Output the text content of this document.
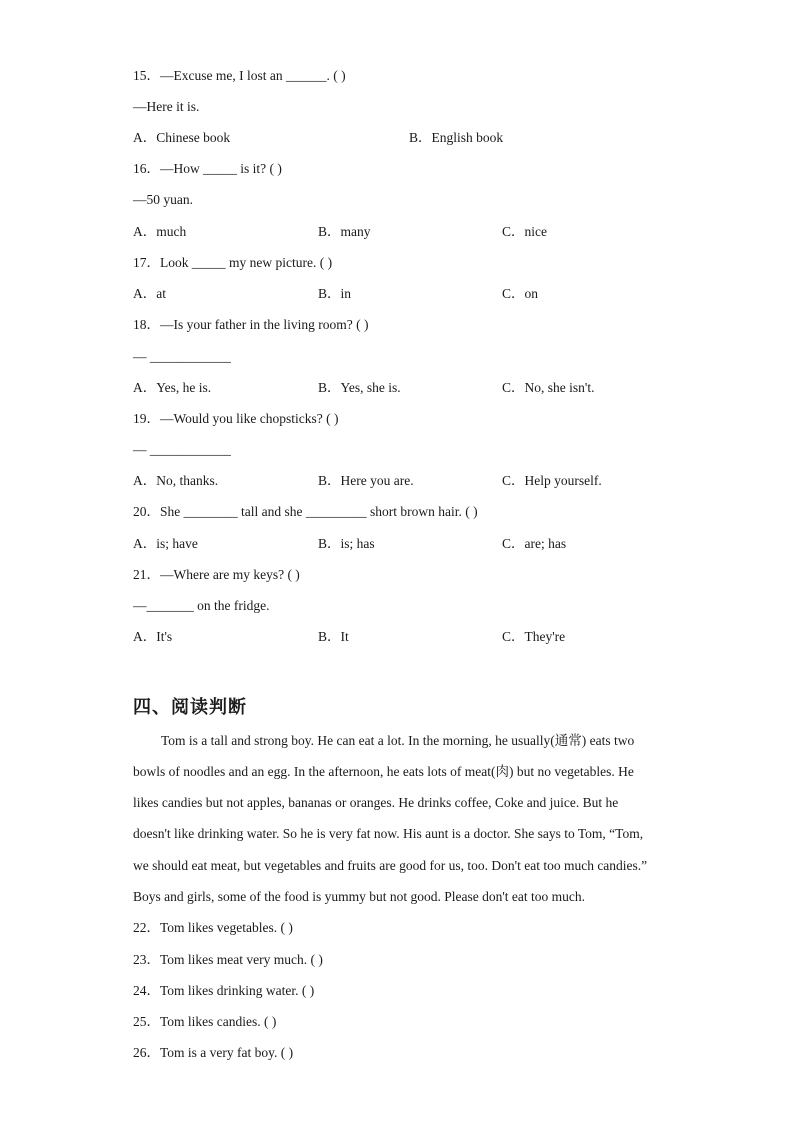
15．—Excuse me, I lost an ______. ( )
—Here it is.
A．Chinese book	B．English book
16．—How _____ is it? ( )
—50 yuan.
A．much	B．many	C．nice
17．Look _____ my new picture. ( )
A．at	B．in	C．on
18．—Is your father in the living room? ( )
— ____________
A．Yes, he is.	B．Yes, she is.	C．No, she isn't.
19．—Would you like chopsticks? ( )
— ____________
A．No, thanks.	B．Here you are.	C．Help yourself.
20．She ________ tall and she _________ short brown hair. ( )
A．is; have	B．is; has	C．are; has
21．—Where are my keys? ( )
—_______ on the fridge.
A．It's	B．It	C．They're
四、阅读判断
Tom is a tall and strong boy. He can eat a lot. In the morning, he usually(通常) eats two
bowls of noodles and an egg. In the afternoon, he eats lots of meat(肉) but no vegetables. He
likes candies but not apples, bananas or oranges. He drinks coffee, Coke and juice. But he
doesn't like drinking water. So he is very fat now. His aunt is a doctor. She says to Tom, “Tom,
we should eat meat, but vegetables and fruits are good for us, too. Don't eat too much candies.”
Boys and girls, some of the food is yummy but not good. Please don't eat too much.
22．Tom likes vegetables. ( )
23．Tom likes meat very much. ( )
24．Tom likes drinking water. ( )
25．Tom likes candies. ( )
26．Tom is a very fat boy. ( )
